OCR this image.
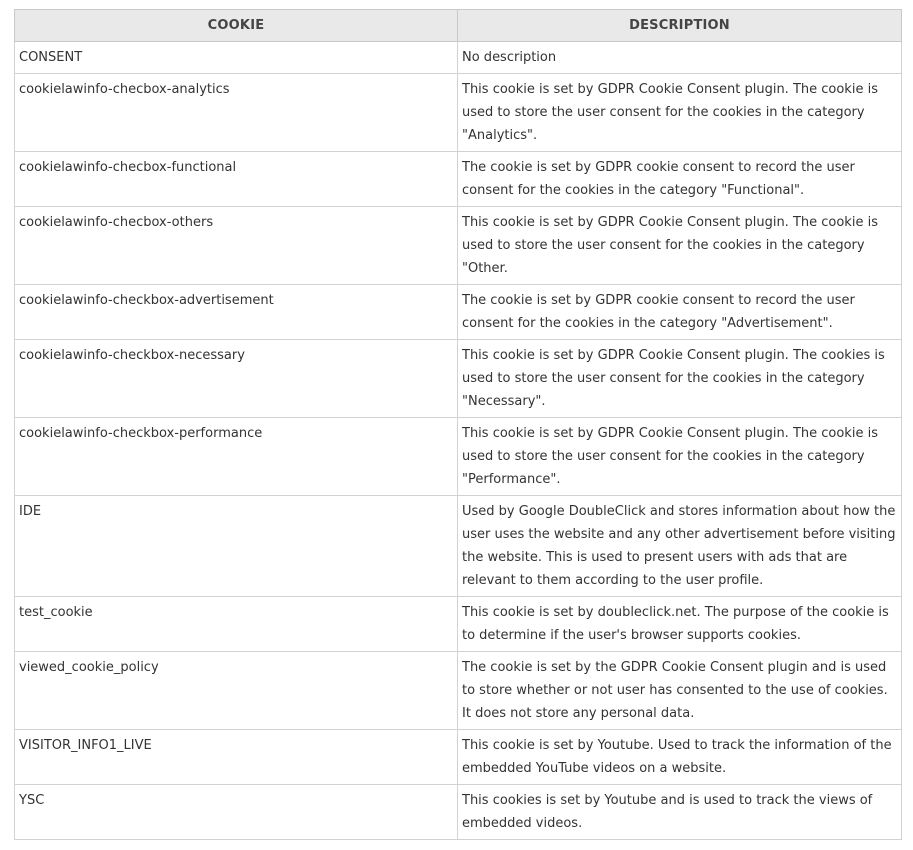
COOKIE	DESCRIPTION
CONSENT	No description
cookielawinfo-checbox-analytics	This cookie is set by GDPR Cookie Consent plugin. The cookie is used to store the user consent for the cookies in the category "Analytics".
cookielawinfo-checbox-functional	The cookie is set by GDPR cookie consent to record the user consent for the cookies in the category "Functional".
cookielawinfo-checbox-others	This cookie is set by GDPR Cookie Consent plugin. The cookie is used to store the user consent for the cookies in the category "Other.
cookielawinfo-checkbox-advertisement	The cookie is set by GDPR cookie consent to record the user consent for the cookies in the category "Advertisement".
cookielawinfo-checkbox-necessary	This cookie is set by GDPR Cookie Consent plugin. The cookies is used to store the user consent for the cookies in the category "Necessary".
cookielawinfo-checkbox-performance	This cookie is set by GDPR Cookie Consent plugin. The cookie is used to store the user consent for the cookies in the category "Performance".
IDE	Used by Google DoubleClick and stores information about how the user uses the website and any other advertisement before visiting the website. This is used to present users with ads that are relevant to them according to the user profile.
test_cookie	This cookie is set by doubleclick.net. The purpose of the cookie is to determine if the user's browser supports cookies.
viewed_cookie_policy	The cookie is set by the GDPR Cookie Consent plugin and is used to store whether or not user has consented to the use of cookies. It does not store any personal data.
VISITOR_INFO1_LIVE	This cookie is set by Youtube. Used to track the information of the embedded YouTube videos on a website.
YSC	This cookies is set by Youtube and is used to track the views of embedded videos.
